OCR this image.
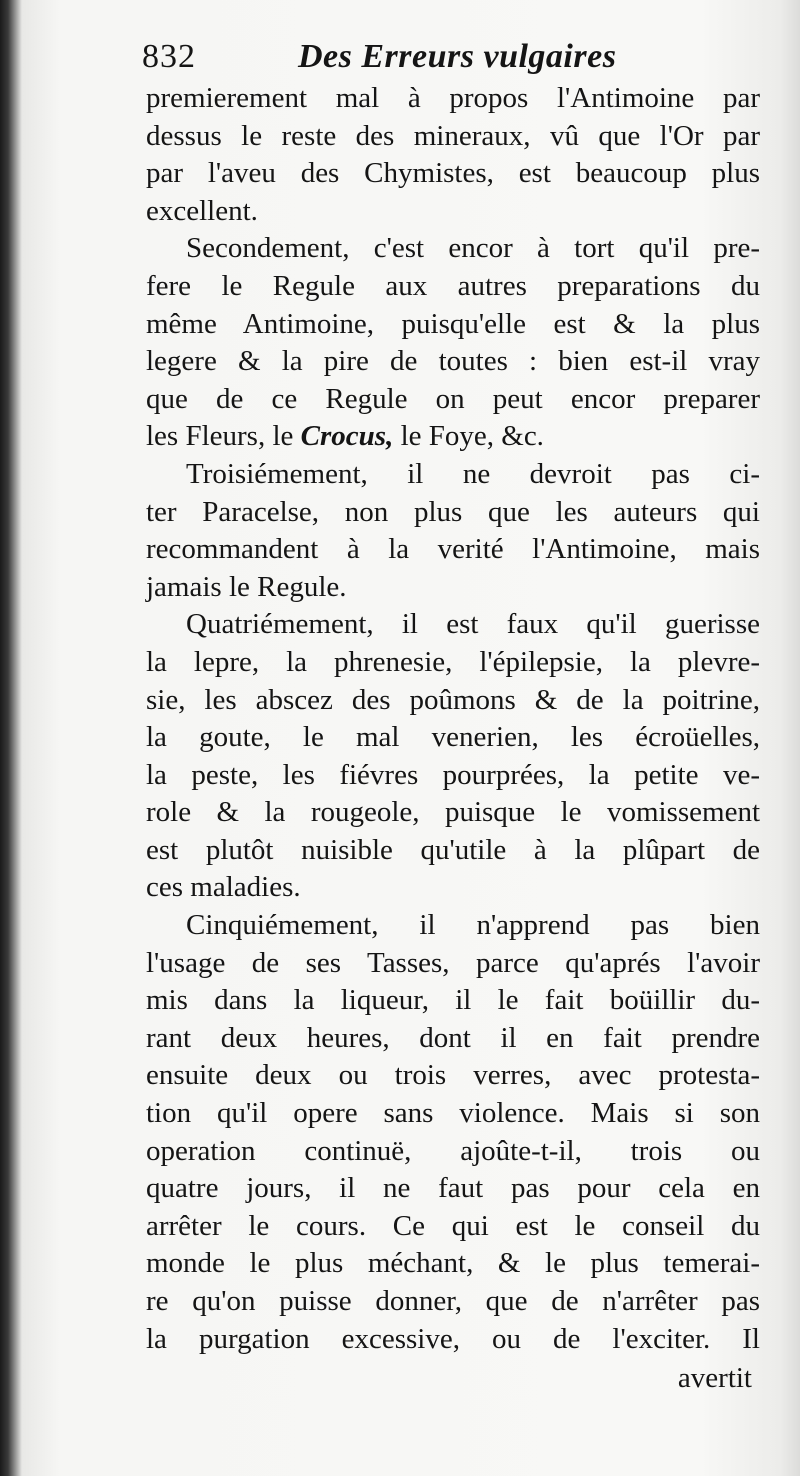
832	Des Erreurs vulgaires
premierement mal à propos l'Antimoine par
dessus le reste des mineraux, vû que l'Or par
par l'aveu des Chymistes, est beaucoup plus
excellent.
Secondement, c'est encor à tort qu'il pre-
fere le Regule aux autres preparations du
même Antimoine, puisqu'elle est & la plus
legere & la pire de toutes : bien est-il vray
que de ce Regule on peut encor preparer
les Fleurs, le Crocus, le Foye, &c.
Troisiémement, il ne devroit pas ci-
ter Paracelse, non plus que les auteurs qui
recommandent à la verité l'Antimoine, mais
jamais le Regule.
Quatriémement, il est faux qu'il guerisse
la lepre, la phrenesie, l'épilepsie, la plevre-
sie, les abscez des poûmons & de la poitrine,
la goute, le mal venerien, les écroüelles,
la peste, les fiévres pourprées, la petite ve-
role & la rougeole, puisque le vomissement
est plutôt nuisible qu'utile à la plûpart de
ces maladies.
Cinquiémement, il n'apprend pas bien
l'usage de ses Tasses, parce qu'aprés l'avoir
mis dans la liqueur, il le fait boüillir du-
rant deux heures, dont il en fait prendre
ensuite deux ou trois verres, avec protesta-
tion qu'il opere sans violence. Mais si son
operation continuë, ajoûte-t-il, trois ou
quatre jours, il ne faut pas pour cela en
arrêter le cours. Ce qui est le conseil du
monde le plus méchant, & le plus temerai-
re qu'on puisse donner, que de n'arrêter pas
la purgation excessive, ou de l'exciter. Il
avertit
